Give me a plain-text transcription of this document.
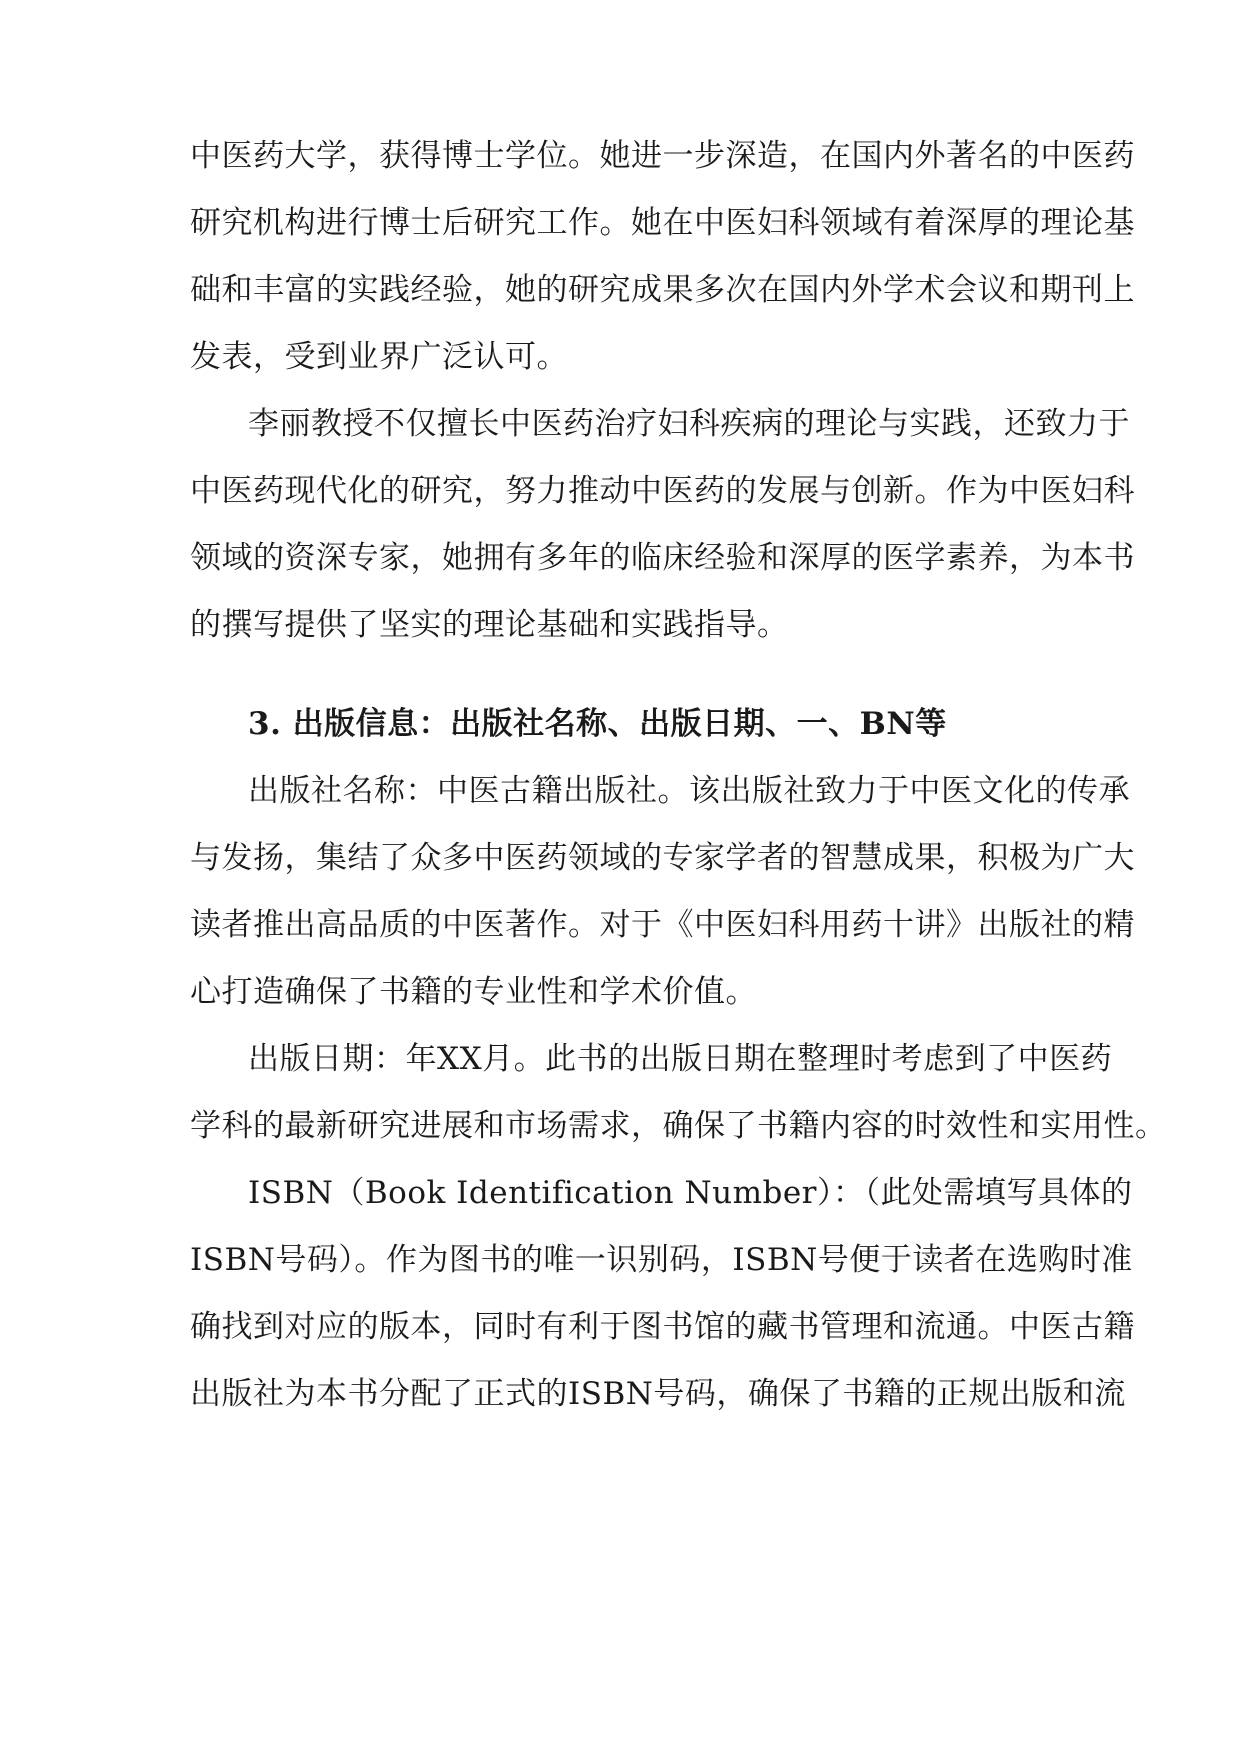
中医药大学，获得博士学位。她进一步深造，在国内外著名的中医药
研究机构进行博士后研究工作。她在中医妇科领域有着深厚的理论基
础和丰富的实践经验，她的研究成果多次在国内外学术会议和期刊上
发表，受到业界广泛认可。
李丽教授不仅擅长中医药治疗妇科疾病的理论与实践，还致力于
中医药现代化的研究，努力推动中医药的发展与创新。作为中医妇科
领域的资深专家，她拥有多年的临床经验和深厚的医学素养，为本书
的撰写提供了坚实的理论基础和实践指导。
3. 出版信息：出版社名称、出版日期、一、BN等
出版社名称：中医古籍出版社。该出版社致力于中医文化的传承
与发扬，集结了众多中医药领域的专家学者的智慧成果，积极为广大
读者推出高品质的中医著作。对于《中医妇科用药十讲》出版社的精
心打造确保了书籍的专业性和学术价值。
出版日期：年XX月。此书的出版日期在整理时考虑到了中医药
学科的最新研究进展和市场需求，确保了书籍内容的时效性和实用性。
ISBN（Book Identification Number）：（此处需填写具体的
ISBN号码）。作为图书的唯一识别码，ISBN号便于读者在选购时准
确找到对应的版本，同时有利于图书馆的藏书管理和流通。中医古籍
出版社为本书分配了正式的ISBN号码，确保了书籍的正规出版和流
